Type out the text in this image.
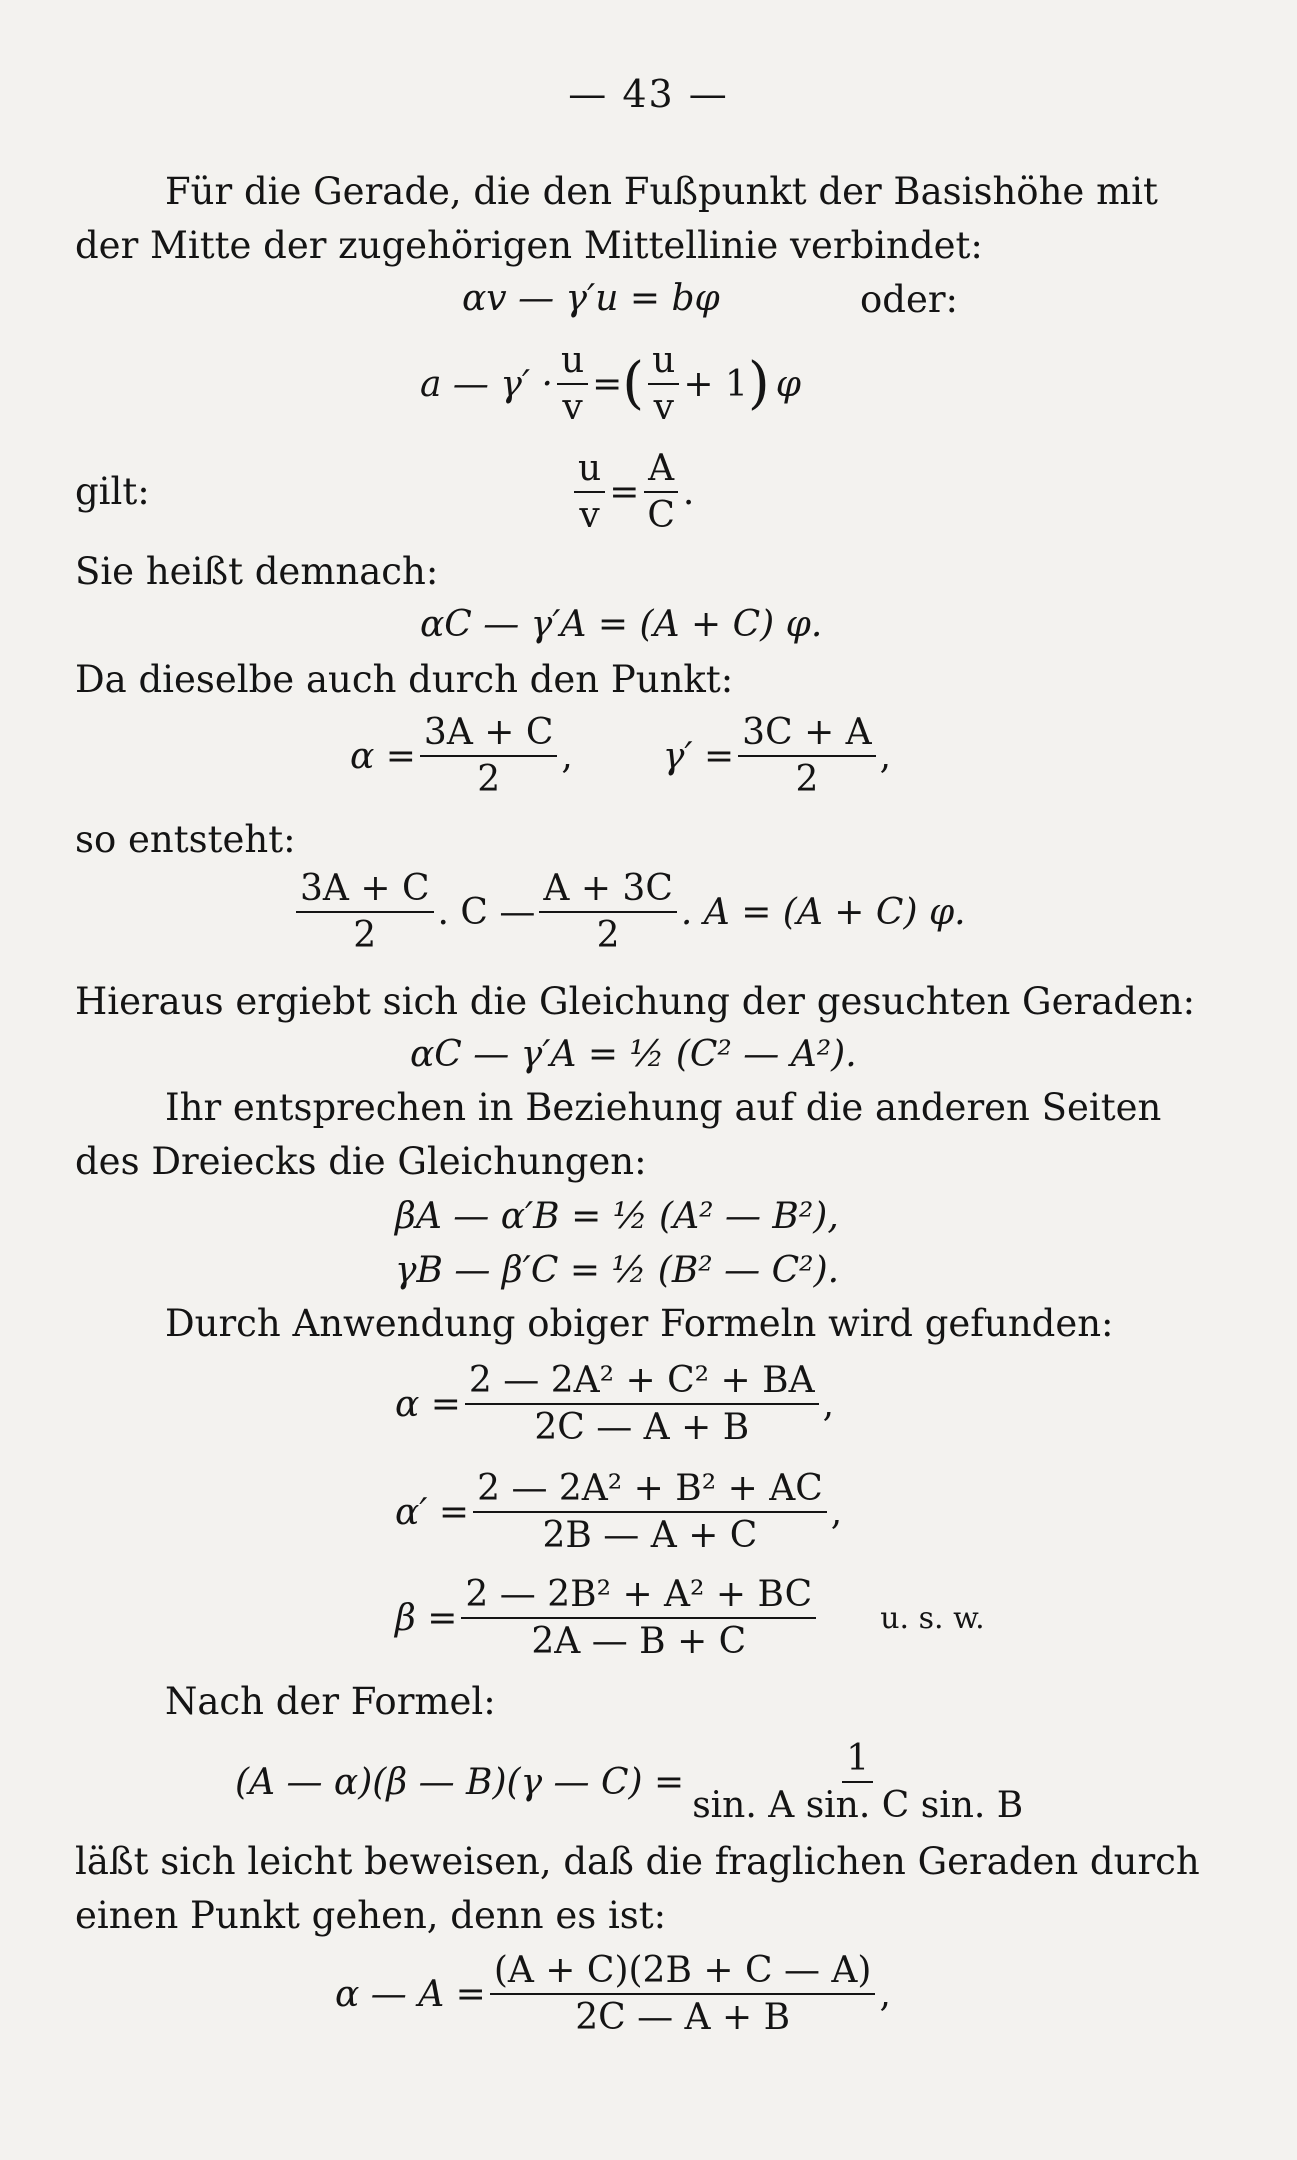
— 43 —
Für die Gerade, die den Fußpunkt der Basishöhe mit
der Mitte der zugehörigen Mittellinie verbindet:
αv — γ′u = bφ	oder:
a — $\gamma' \cdot \frac{u}{v}$ = ( $\frac{u}{v} + 1$ ) φ
gilt:	$\frac{u}{v} = \frac{A}{C}$ .
Sie heißt demnach:
αC — γ′A = (A + C) φ.
Da dieselbe auch durch den Punkt:
$\alpha = \frac{3A + C}{2}$ ,	$\gamma' = \frac{3C + A}{2}$ ,
so entsteht:
$\frac{3A + C}{2}$ . C — $\frac{A + 3C}{2}$ . A = (A + C) φ.
Hieraus ergiebt sich die Gleichung der gesuchten Geraden:
αC — γ′A = ½ (C² — A²).
Ihr entsprechen in Beziehung auf die anderen Seiten
des Dreiecks die Gleichungen:
βA — α′B = ½ (A² — B²),
γB — β′C = ½ (B² — C²).
Durch Anwendung obiger Formeln wird gefunden:
$\alpha = \frac{\text{2 — 2A² + C² + BA}}{2C — A + B}$ ,
$\alpha' = \frac{\text{2 — 2A² + B² + AC}}{2B — A + C}$ ,
$\beta = \frac{\text{2 — 2B² + A² + BC}}{2A — B + C} u$. s. w.
Nach der Formel:
(A — α)(β — B)(γ — $C) = \frac{1}{\text{sin. A sin. C sin. B}}$
läßt sich leicht beweisen, daß die fraglichen Geraden durch
einen Punkt gehen, denn es ist:
α — $A = \frac{(A + C)(2B + C — A)}{2C — A + B}$ ,
